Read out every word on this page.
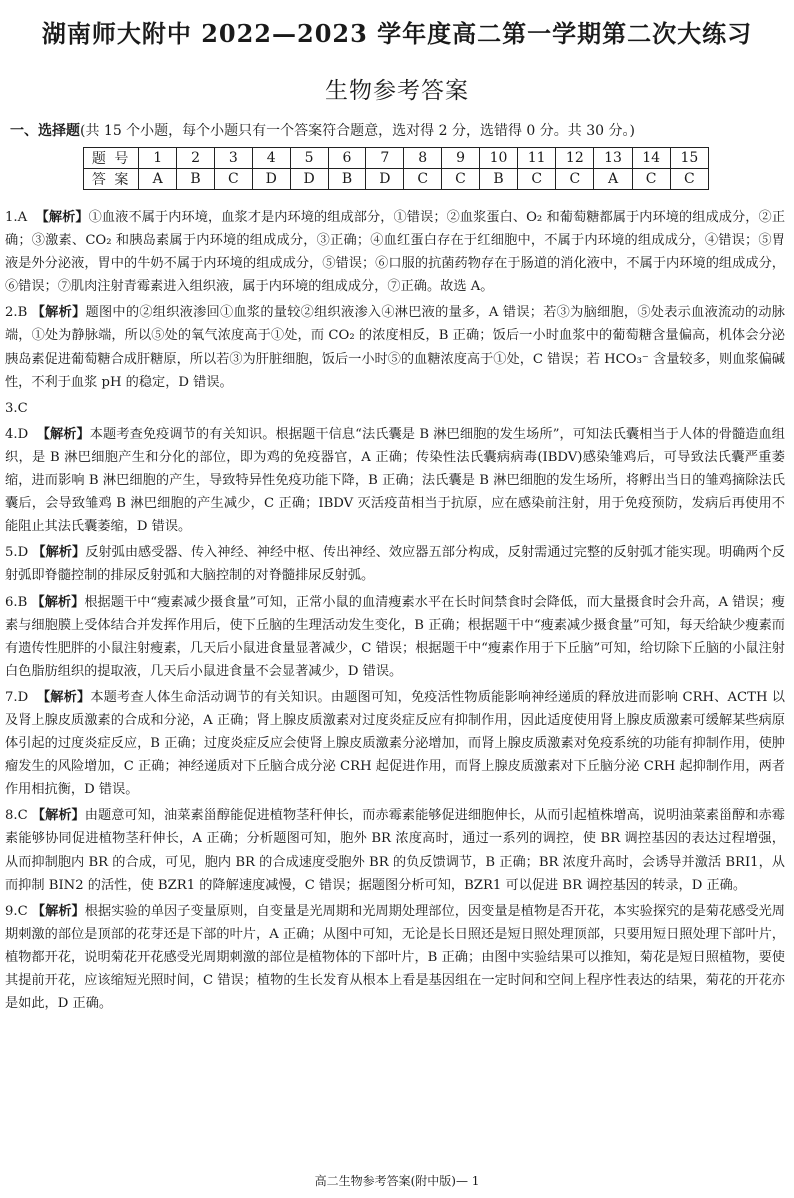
湖南师大附中 2022—2023 学年度高二第一学期第二次大练习
生物参考答案
一、选择题(共 15 个小题，每个小题只有一个答案符合题意，选对得 2 分，选错得 0 分。共 30 分。)
题 号	1	2	3	4	5	6	7	8	9	10	11	12	13	14	15
答 案	A	B	C	D	D	B	D	C	C	B	C	C	A	C	C

1.A 【解析】①血液不属于内环境，血浆才是内环境的组成部分，①错误；②血浆蛋白、O₂ 和葡萄糖都属于内环境的组成成分，②正确；③激素、CO₂ 和胰岛素属于内环境的组成成分，③正确；④血红蛋白存在于红细胞中，不属于内环境的组成成分，④错误；⑤胃液是外分泌液，胃中的牛奶不属于内环境的组成成分，⑤错误；⑥口服的抗菌药物存在于肠道的消化液中，不属于内环境的组成成分，⑥错误；⑦肌肉注射青霉素进入组织液，属于内环境的组成成分，⑦正确。故选 A。

2.B 【解析】题图中的②组织液渗回①血浆的量较②组织液渗入④淋巴液的量多，A 错误；若③为脑细胞，⑤处表示血液流动的动脉端，①处为静脉端，所以⑤处的氧气浓度高于①处，而 CO₂ 的浓度相反，B 正确；饭后一小时血浆中的葡萄糖含量偏高，机体会分泌胰岛素促进葡萄糖合成肝糖原，所以若③为肝脏细胞，饭后一小时⑤的血糖浓度高于①处，C 错误；若 HCO₃⁻ 含量较多，则血浆偏碱性，不利于血浆 pH 的稳定，D 错误。

3.C

4.D 【解析】本题考查免疫调节的有关知识。根据题干信息“法氏囊是 B 淋巴细胞的发生场所”，可知法氏囊相当于人体的骨髓造血组织，是 B 淋巴细胞产生和分化的部位，即为鸡的免疫器官，A 正确；传染性法氏囊病病毒(IBDV)感染雏鸡后，可导致法氏囊严重萎缩，进而影响 B 淋巴细胞的产生，导致特异性免疫功能下降，B 正确；法氏囊是 B 淋巴细胞的发生场所，将孵出当日的雏鸡摘除法氏囊后，会导致雏鸡 B 淋巴细胞的产生减少，C 正确；IBDV 灭活疫苗相当于抗原，应在感染前注射，用于免疫预防，发病后再使用不能阻止其法氏囊萎缩，D 错误。

5.D 【解析】反射弧由感受器、传入神经、神经中枢、传出神经、效应器五部分构成，反射需通过完整的反射弧才能实现。明确两个反射弧即脊髓控制的排尿反射弧和大脑控制的对脊髓排尿反射弧。

6.B 【解析】根据题干中“瘦素减少摄食量”可知，正常小鼠的血清瘦素水平在长时间禁食时会降低，而大量摄食时会升高，A 错误；瘦素与细胞膜上受体结合并发挥作用后，使下丘脑的生理活动发生变化，B 正确；根据题干中“瘦素减少摄食量”可知，每天给缺少瘦素而有遗传性肥胖的小鼠注射瘦素，几天后小鼠进食量显著减少，C 错误；根据题干中“瘦素作用于下丘脑”可知，给切除下丘脑的小鼠注射白色脂肪组织的提取液，几天后小鼠进食量不会显著减少，D 错误。

7.D 【解析】本题考查人体生命活动调节的有关知识。由题图可知，免疫活性物质能影响神经递质的释放进而影响 CRH、ACTH 以及肾上腺皮质激素的合成和分泌，A 正确；肾上腺皮质激素对过度炎症反应有抑制作用，因此适度使用肾上腺皮质激素可缓解某些病原体引起的过度炎症反应，B 正确；过度炎症反应会使肾上腺皮质激素分泌增加，而肾上腺皮质激素对免疫系统的功能有抑制作用，使肿瘤发生的风险增加，C 正确；神经递质对下丘脑合成分泌 CRH 起促进作用，而肾上腺皮质激素对下丘脑分泌 CRH 起抑制作用，两者作用相抗衡，D 错误。

8.C 【解析】由题意可知，油菜素甾醇能促进植物茎秆伸长，而赤霉素能够促进细胞伸长，从而引起植株增高，说明油菜素甾醇和赤霉素能够协同促进植物茎秆伸长，A 正确；分析题图可知，胞外 BR 浓度高时，通过一系列的调控，使 BR 调控基因的表达过程增强，从而抑制胞内 BR 的合成，可见，胞内 BR 的合成速度受胞外 BR 的负反馈调节，B 正确；BR 浓度升高时，会诱导并激活 BRI1，从而抑制 BIN2 的活性，使 BZR1 的降解速度减慢，C 错误；据题图分析可知，BZR1 可以促进 BR 调控基因的转录，D 正确。

9.C 【解析】根据实验的单因子变量原则，自变量是光周期和光周期处理部位，因变量是植物是否开花，本实验探究的是菊花感受光周期刺激的部位是顶部的花芽还是下部的叶片，A 正确；从图中可知，无论是长日照还是短日照处理顶部，只要用短日照处理下部叶片，植物都开花，说明菊花开花感受光周期刺激的部位是植物体的下部叶片，B 正确；由图中实验结果可以推知，菊花是短日照植物，要使其提前开花，应该缩短光照时间，C 错误；植物的生长发育从根本上看是基因组在一定时间和空间上程序性表达的结果，菊花的开花亦是如此，D 正确。

高二生物参考答案(附中版)— 1
